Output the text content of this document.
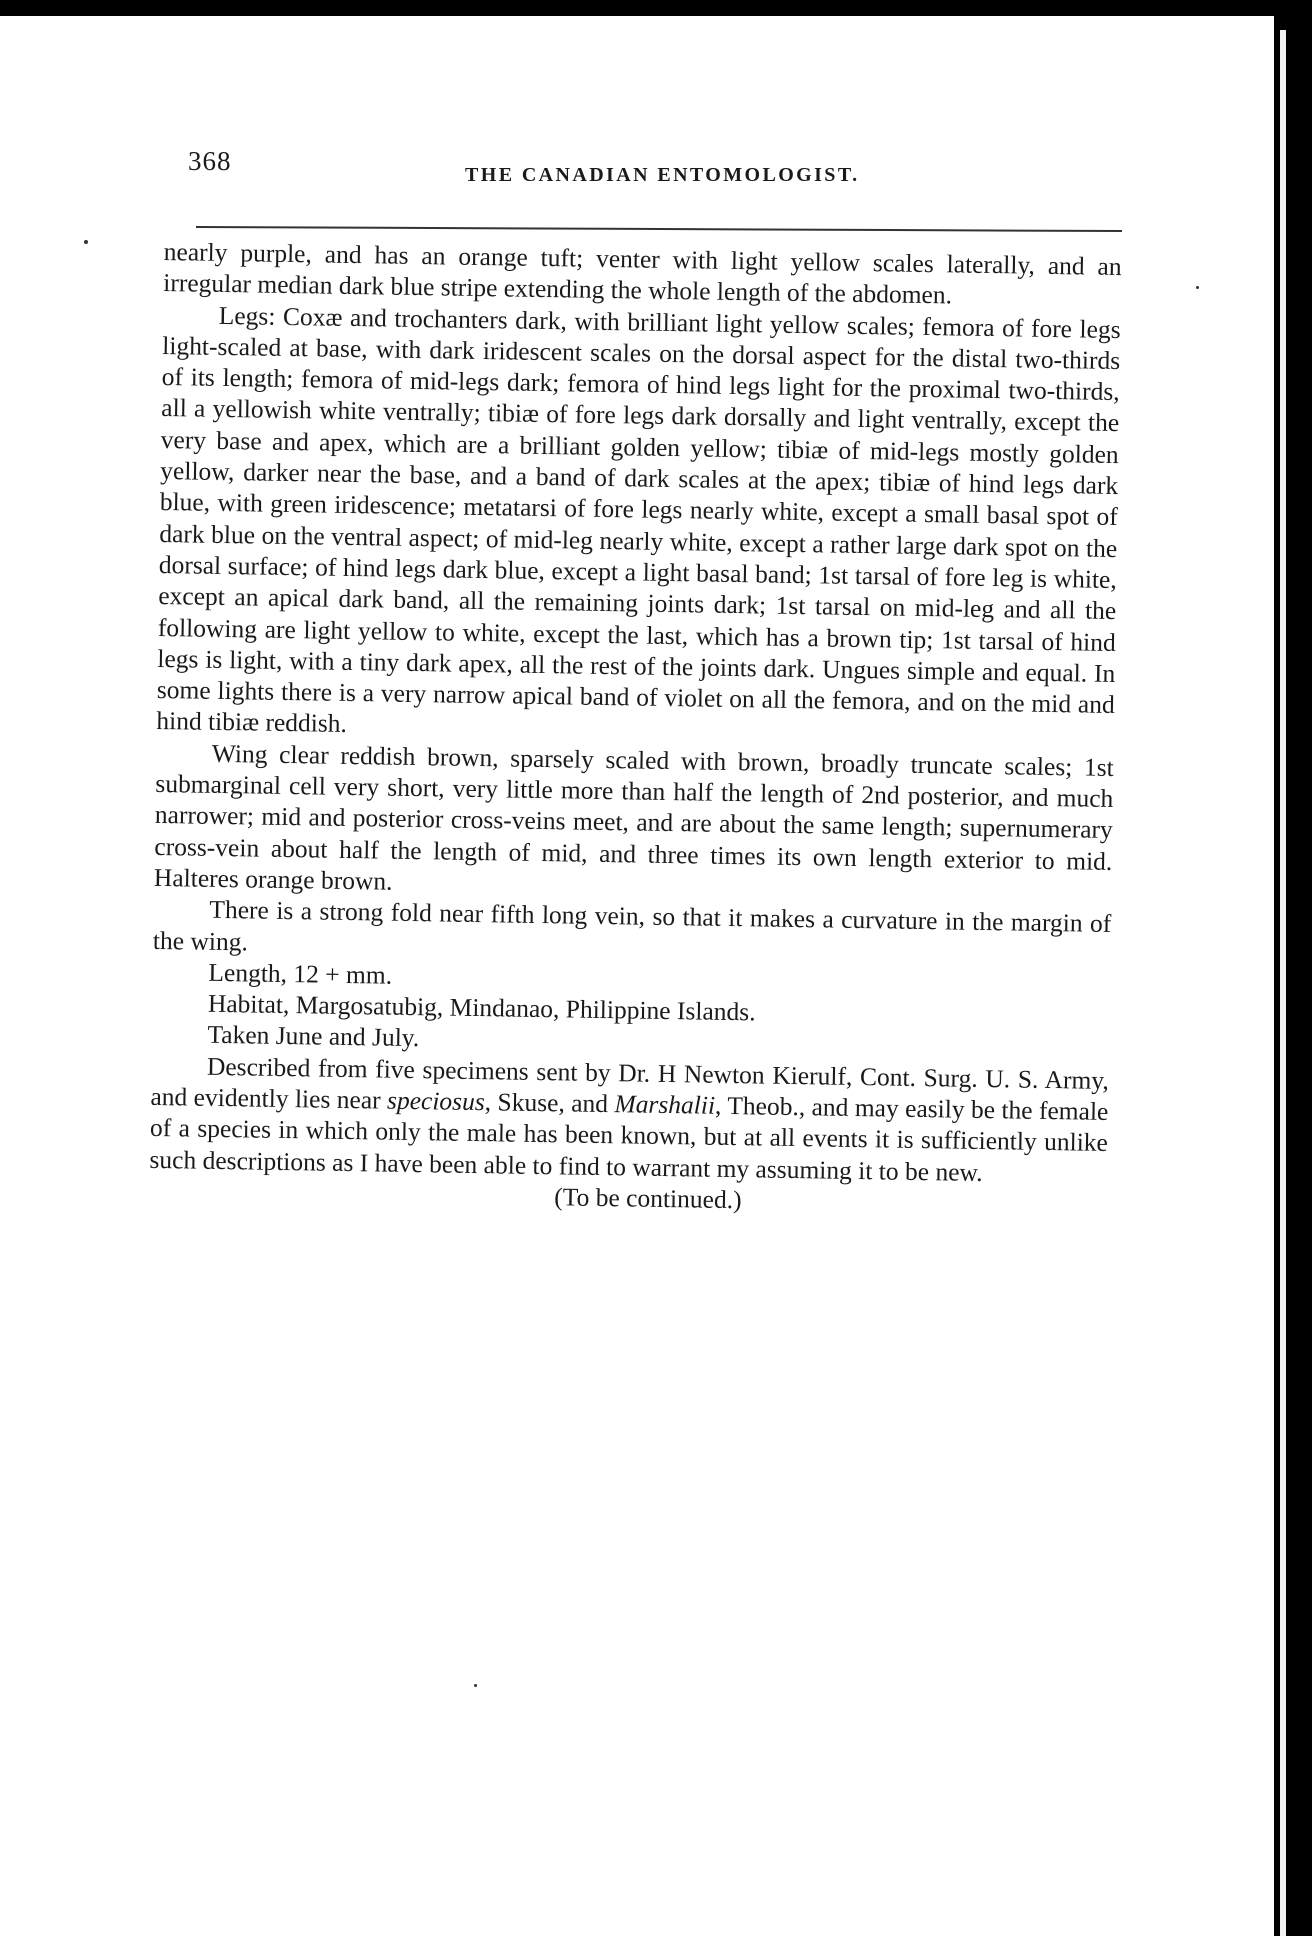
368	THE CANADIAN ENTOMOLOGIST.

nearly purple, and has an orange tuft; venter with light yellow scales laterally, and an irregular median dark blue stripe extending the whole length of the abdomen.

Legs: Coxæ and trochanters dark, with brilliant light yellow scales; femora of fore legs light-scaled at base, with dark iridescent scales on the dorsal aspect for the distal two-thirds of its length; femora of mid-legs dark; femora of hind legs light for the proximal two-thirds, all a yellowish white ventrally; tibiæ of fore legs dark dorsally and light ventrally, except the very base and apex, which are a brilliant golden yellow; tibiæ of mid-legs mostly golden yellow, darker near the base, and a band of dark scales at the apex; tibiæ of hind legs dark blue, with green iridescence; metatarsi of fore legs nearly white, except a small basal spot of dark blue on the ventral aspect; of mid-leg nearly white, except a rather large dark spot on the dorsal surface; of hind legs dark blue, except a light basal band; 1st tarsal of fore leg is white, except an apical dark band, all the remaining joints dark; 1st tarsal on mid-leg and all the following are light yellow to white, except the last, which has a brown tip; 1st tarsal of hind legs is light, with a tiny dark apex, all the rest of the joints dark. Ungues simple and equal. In some lights there is a very narrow apical band of violet on all the femora, and on the mid and hind tibiæ reddish.

Wing clear reddish brown, sparsely scaled with brown, broadly truncate scales; 1st submarginal cell very short, very little more than half the length of 2nd posterior, and much narrower; mid and posterior cross-veins meet, and are about the same length; supernumerary cross-vein about half the length of mid, and three times its own length exterior to mid. Halteres orange brown.

There is a strong fold near fifth long vein, so that it makes a curvature in the margin of the wing.

Length, 12 + mm.

Habitat, Margosatubig, Mindanao, Philippine Islands.

Taken June and July.

Described from five specimens sent by Dr. H Newton Kierulf, Cont. Surg. U. S. Army, and evidently lies near speciosus, Skuse, and Marshalii, Theob., and may easily be the female of a species in which only the male has been known, but at all events it is sufficiently unlike such descriptions as I have been able to find to warrant my assuming it to be new.

(To be continued.)
